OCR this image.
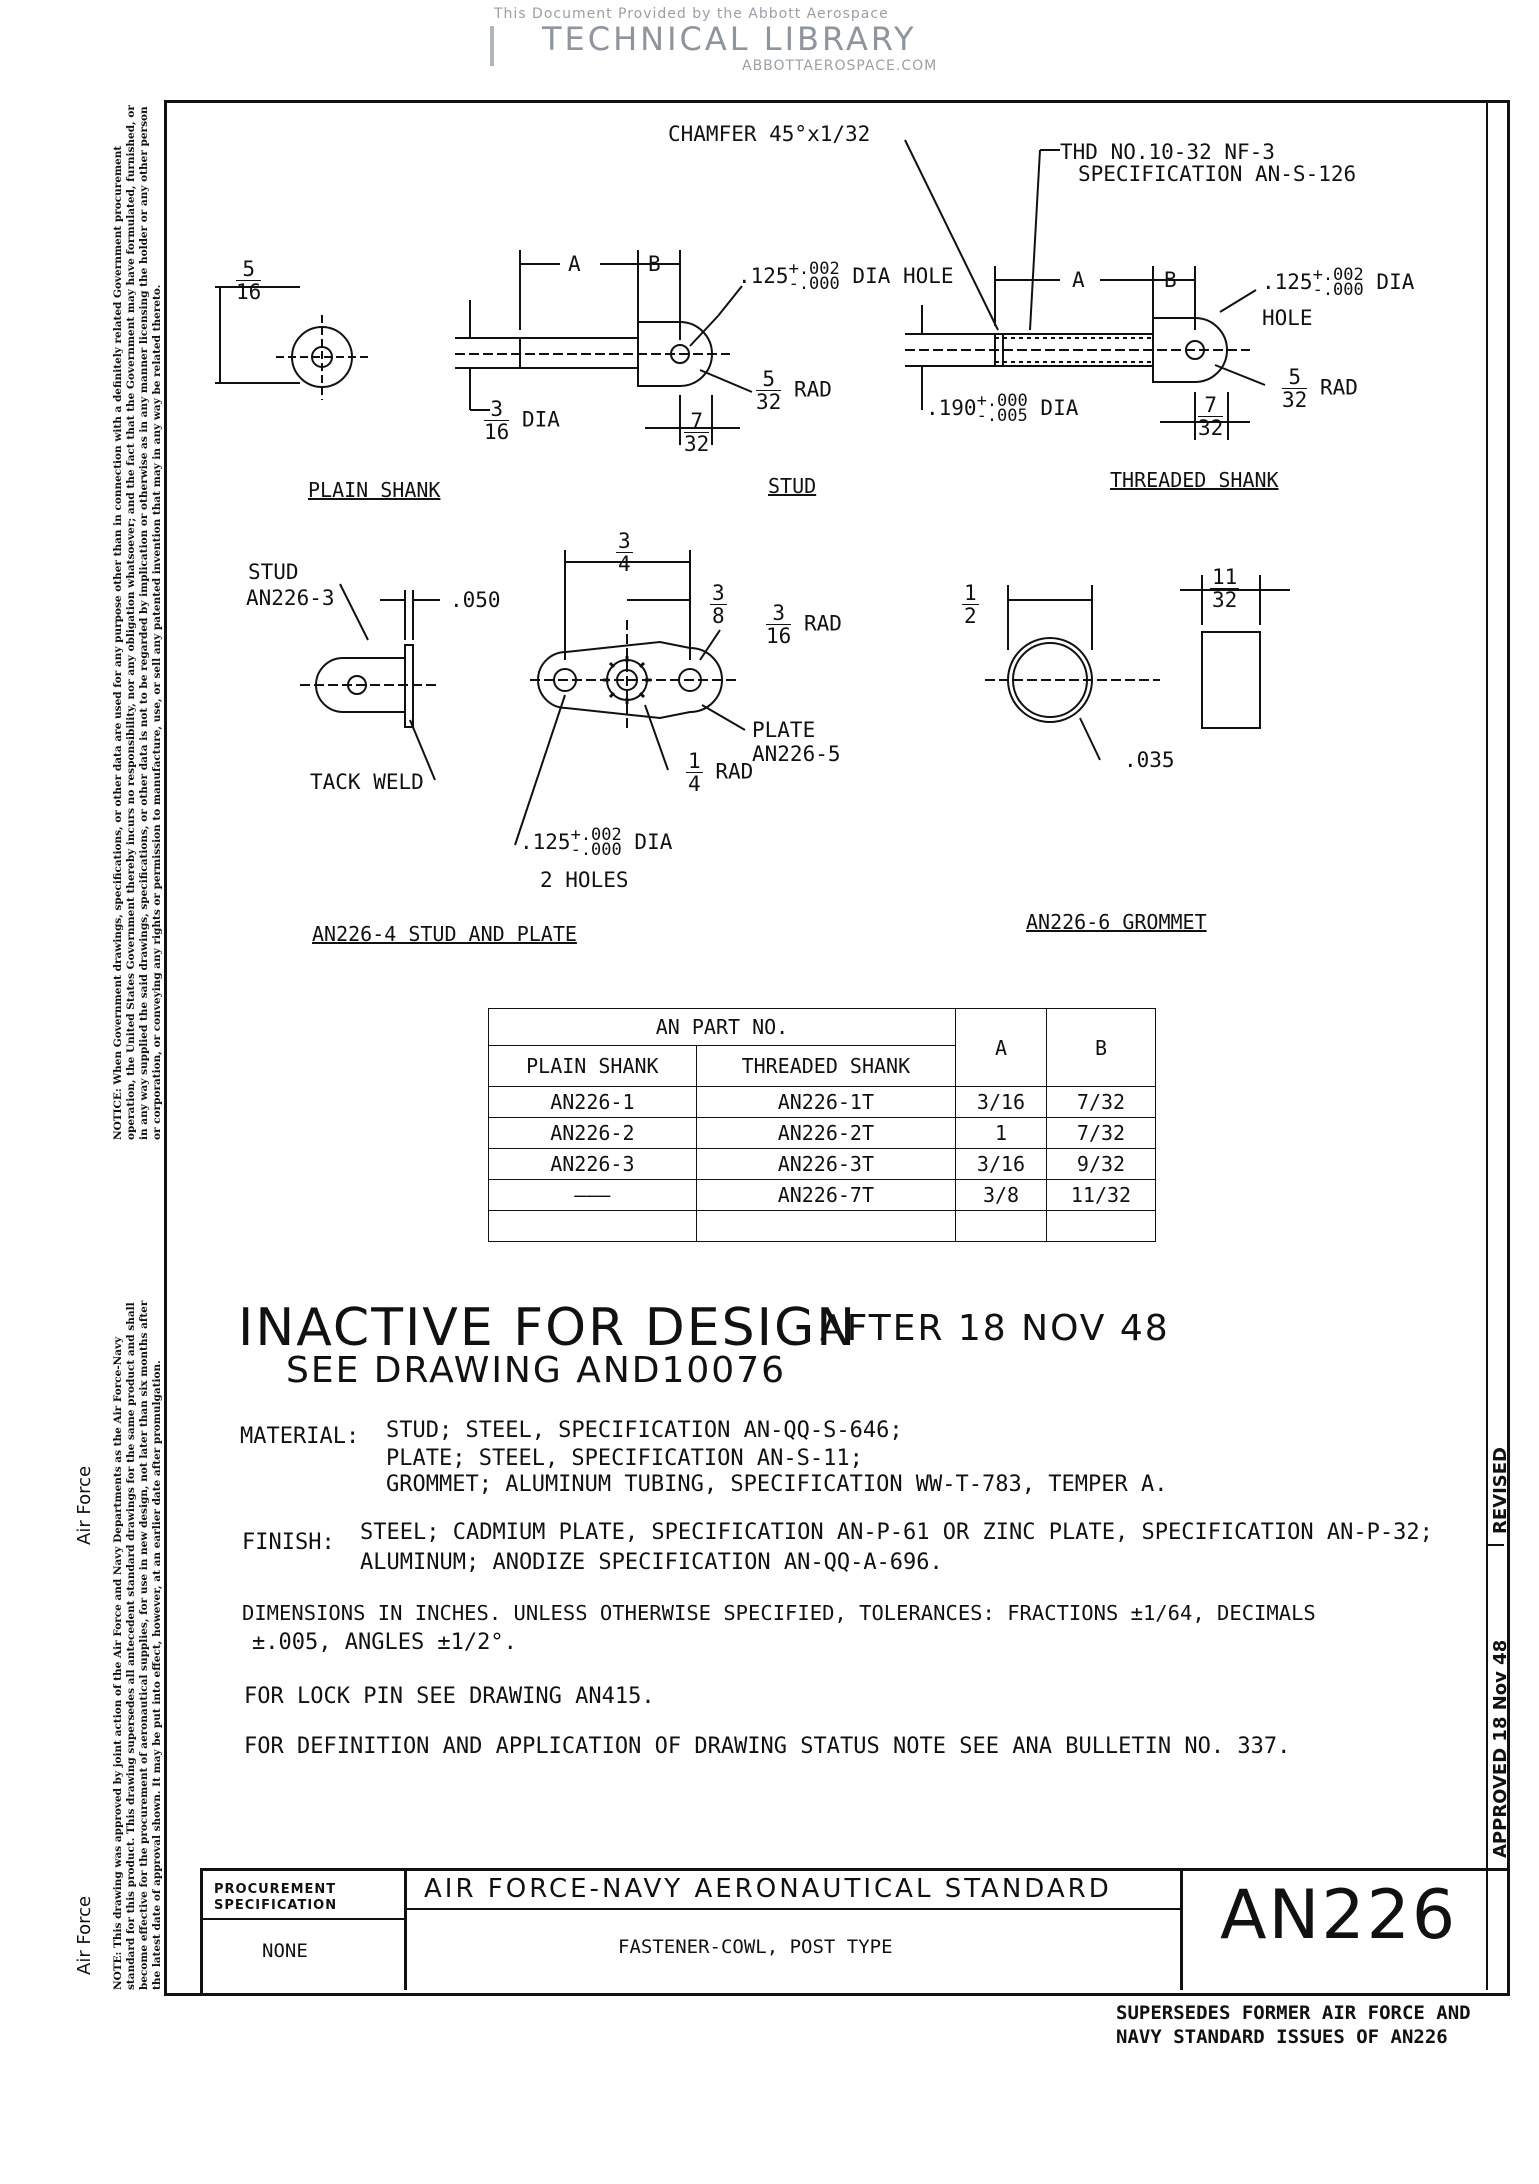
This Document Provided by the Abbott Aerospace
TECHNICAL LIBRARY
ABBOTTAEROSPACE.COM
NOTICE: When Government drawings, specifications, or other data are used for any purpose other than in connection with a definitely related Government procurement operation, the United States Government thereby incurs no responsibility, nor any obligation whatsoever; and the fact that the Government may have formulated, furnished, or in any way supplied the said drawings, specifications, or other data is not to be regarded by implication or otherwise as in any manner licensing the holder or any other person or corporation, or conveying any rights or permission to manufacture, use, or sell any patented invention that may in any way be related thereto.
NOTE: This drawing was approved by joint action of the Air Force and Navy Departments as the Air Force-Navy standard for this product. This drawing supersedes all antecedent standard drawings for the same product and shall become effective for the procurement of aeronautical supplies, for use in new design, not later than six months after the latest date of approval shown. It may be put into effect, however, at an earlier date after promulgation.
Air Force
Air Force
APPROVED 18 Nov 48
REVISED
CHAMFER 45°x1/32
THD NO.10-32 NF-3
SPECIFICATION AN-S-126
$\frac{5}{16}$
PLAIN SHANK
A	B	.125 +.002
-.000 DIA HOLE
$\frac{5}{32}$ RAD
$\frac{3}{16}$ DIA	$\frac{7}{32}$
STUD
A	B	.125 +.002
-.000 DIA
HOLE
$\frac{5}{32}$ RAD
.190 +.000
-.005 DIA	$\frac{7}{32}$
THREADED SHANK
STUD
AN226-3	.050
TACK WELD
$\frac{3}{4}$
$\frac{3}{8} \frac{3}{16}$ RAD
PLATE
AN226-5
$\frac{1}{4}$ RAD
.125 +.002
-.000 DIA
2 HOLES
AN226-4 STUD AND PLATE
$\frac{1}{2}$	$\frac{11}{32}$
.035
AN226-6 GROMMET
AN PART NO.		A	B
PLAIN SHANK	THREADED SHANK		
AN226-1	AN226-1T	3/16	7/32
AN226-2	AN226-2T	1	7/32
AN226-3	AN226-3T	3/16	9/32
———	AN226-7T	3/8	11/32

INACTIVE FOR DESIGN
AFTER 18 NOV 48
SEE DRAWING AND10076
MATERIAL: STUD; STEEL, SPECIFICATION AN-QQ-S-646;
PLATE; STEEL, SPECIFICATION AN-S-11;
GROMMET; ALUMINUM TUBING, SPECIFICATION WW-T-783, TEMPER A.
FINISH: STEEL; CADMIUM PLATE, SPECIFICATION AN-P-61 OR ZINC PLATE, SPECIFICATION AN-P-32;
ALUMINUM; ANODIZE SPECIFICATION AN-QQ-A-696.
DIMENSIONS IN INCHES. UNLESS OTHERWISE SPECIFIED, TOLERANCES: FRACTIONS ±1/64, DECIMALS
±.005, ANGLES ±1/2°.
FOR LOCK PIN SEE DRAWING AN415.
FOR DEFINITION AND APPLICATION OF DRAWING STATUS NOTE SEE ANA BULLETIN NO. 337.
PROCUREMENT
SPECIFICATION
NONE
AIR FORCE-NAVY AERONAUTICAL STANDARD
FASTENER-COWL, POST TYPE	AN226
SUPERSEDES FORMER AIR FORCE AND
NAVY STANDARD ISSUES OF AN226
